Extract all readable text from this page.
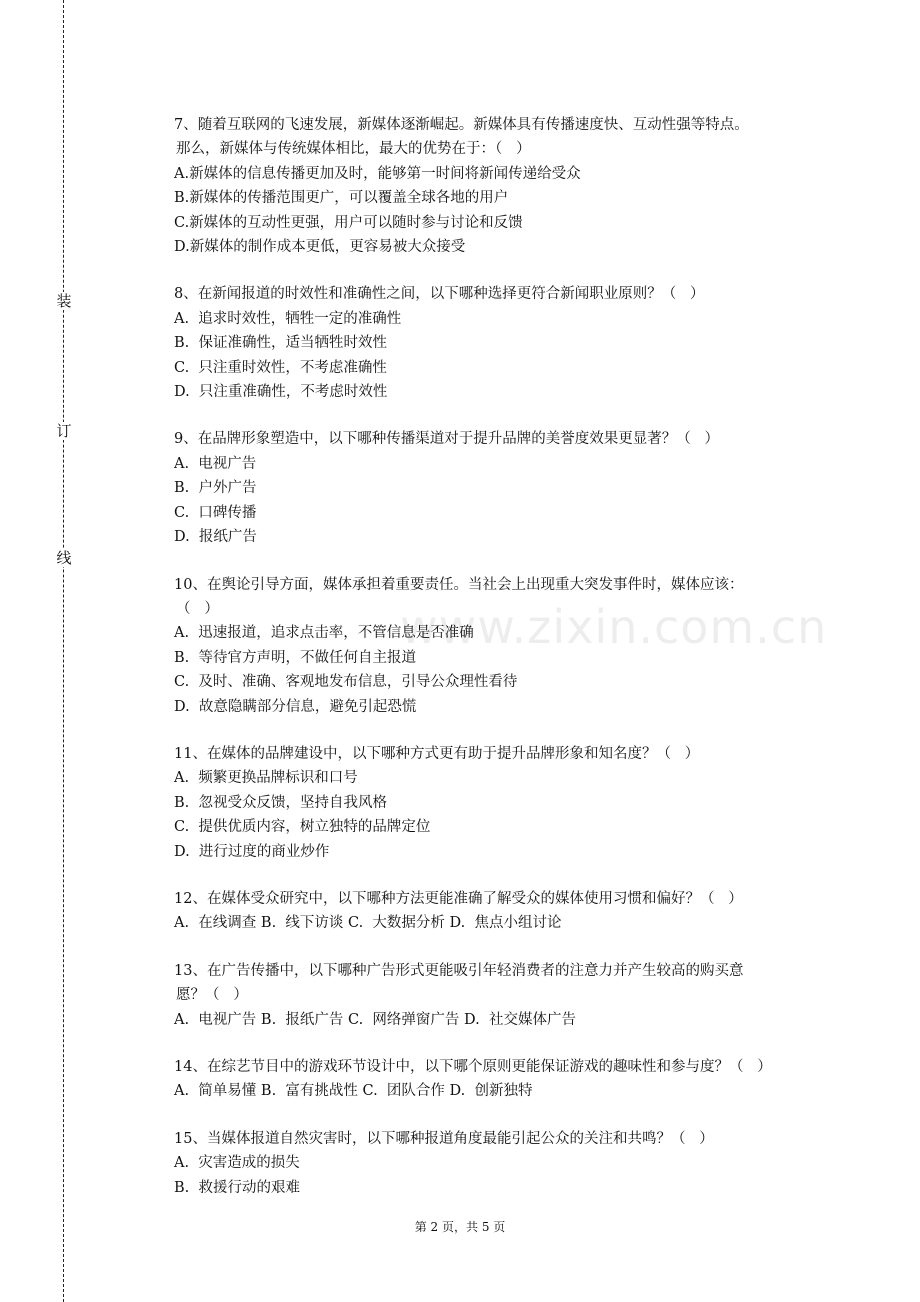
装
订
线
7、随着互联网的飞速发展，新媒体逐渐崛起。新媒体具有传播速度快、互动性强等特点。
那么，新媒体与传统媒体相比，最大的优势在于：（   ）
A.新媒体的信息传播更加及时，能够第一时间将新闻传递给受众
B.新媒体的传播范围更广，可以覆盖全球各地的用户
C.新媒体的互动性更强，用户可以随时参与讨论和反馈
D.新媒体的制作成本更低，更容易被大众接受
8、在新闻报道的时效性和准确性之间，以下哪种选择更符合新闻职业原则？（   ）
A.  追求时效性，牺牲一定的准确性
B.  保证准确性，适当牺牲时效性
C.  只注重时效性，不考虑准确性
D.  只注重准确性，不考虑时效性
9、在品牌形象塑造中，以下哪种传播渠道对于提升品牌的美誉度效果更显著？（   ）
A.  电视广告
B.  户外广告
C.  口碑传播
D.  报纸广告
10、在舆论引导方面，媒体承担着重要责任。当社会上出现重大突发事件时，媒体应该：
（   ）
A.  迅速报道，追求点击率，不管信息是否准确
B.  等待官方声明，不做任何自主报道
C.  及时、准确、客观地发布信息，引导公众理性看待
D.  故意隐瞒部分信息，避免引起恐慌
11、在媒体的品牌建设中，以下哪种方式更有助于提升品牌形象和知名度？（   ）
A.  频繁更换品牌标识和口号
B.  忽视受众反馈，坚持自我风格
C.  提供优质内容，树立独特的品牌定位
D.  进行过度的商业炒作
12、在媒体受众研究中，以下哪种方法更能准确了解受众的媒体使用习惯和偏好？（   ）
A.  在线调查 B.  线下访谈 C.  大数据分析 D.  焦点小组讨论
13、在广告传播中，以下哪种广告形式更能吸引年轻消费者的注意力并产生较高的购买意
愿？（   ）
A.  电视广告 B.  报纸广告 C.  网络弹窗广告 D.  社交媒体广告
14、在综艺节目中的游戏环节设计中，以下哪个原则更能保证游戏的趣味性和参与度？（   ）
A.  简单易懂 B.  富有挑战性 C.  团队合作 D.  创新独特
15、当媒体报道自然灾害时，以下哪种报道角度最能引起公众的关注和共鸣？（   ）
A.  灾害造成的损失
B.  救援行动的艰难
www.zixin.com.cn
第 2 页，共 5 页
